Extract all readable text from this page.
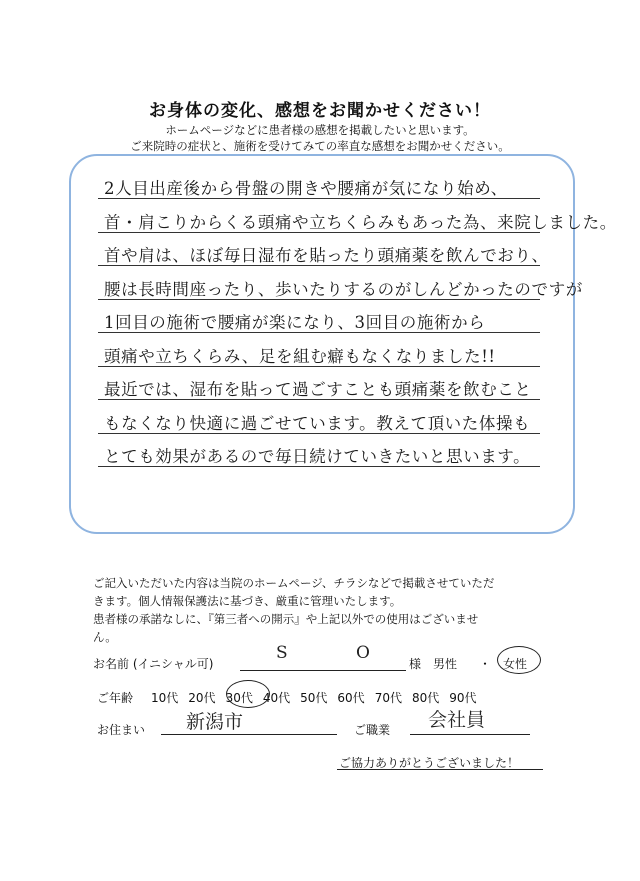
お身体の変化、感想をお聞かせください！
ホームページなどに患者様の感想を掲載したいと思います。
ご来院時の症状と、施術を受けてみての率直な感想をお聞かせください。
2人目出産後から骨盤の開きや腰痛が気になり始め、
首・肩こりからくる頭痛や立ちくらみもあった為、来院しました。
首や肩は、ほぼ毎日湿布を貼ったり頭痛薬を飲んでおり、
腰は長時間座ったり、歩いたりするのがしんどかったのですが
1回目の施術で腰痛が楽になり、3回目の施術から
頭痛や立ちくらみ、足を組む癖もなくなりました!!
最近では、湿布を貼って過ごすことも頭痛薬を飲むこと
もなくなり快適に過ごせています。教えて頂いた体操も
とても効果があるので毎日続けていきたいと思います。
ご記入いただいた内容は当院のホームページ、チラシなどで掲載させていただ
きます。個人情報保護法に基づき、厳重に管理いたします。
患者様の承諾なしに、『第三者への開示』や上記以外での使用はございませ
ん。
お名前 (イニシャル可)
S	O
様 男性 ・ 女性
ご年齢 10代 20代 30代 40代 50代 60代 70代 80代 90代
お住まい 新潟市	ご職業 会社員
ご協力ありがとうございました！
